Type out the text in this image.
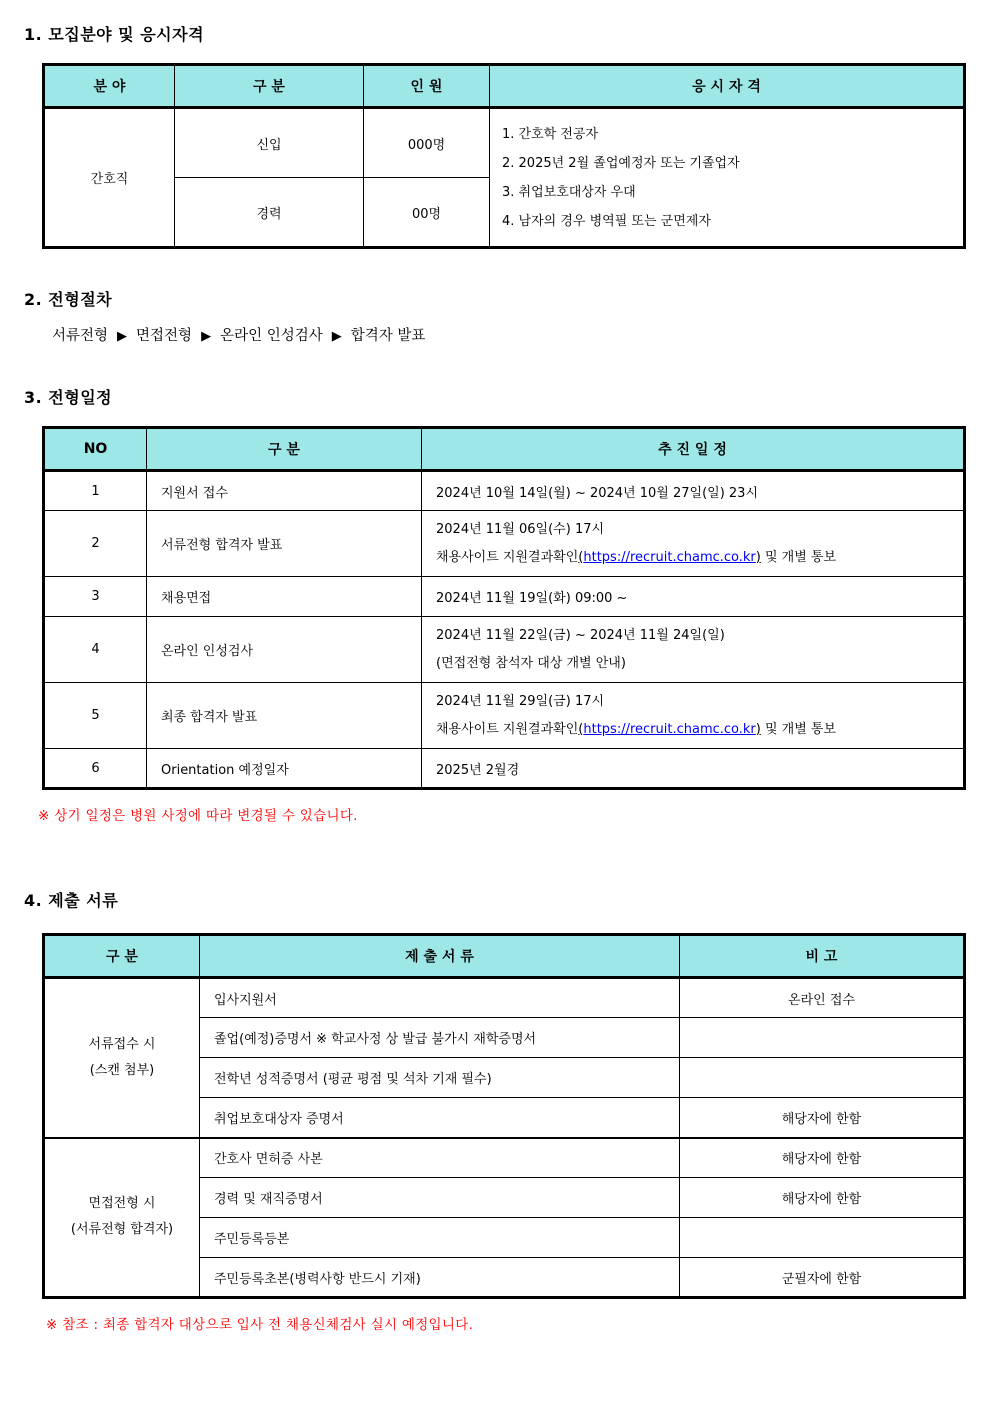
1. 모집분야 및 응시자격
분 야	구 분	인 원	응 시 자 격
간호직	신입	000명	1. 간호학 전공자
2. 2025년 2월 졸업예정자 또는 기졸업자
3. 취업보호대상자 우대
4. 남자의 경우 병역필 또는 군면제자

	경력	00명	
2. 전형절차
서류전형 ▶ 면접전형 ▶ 온라인 인성검사 ▶ 합격자 발표
3. 전형일정
NO	구 분	추 진 일 정
1	지원서 접수	2024년 10월 14일(월) ~ 2024년 10월 27일(일) 23시
2	서류전형 합격자 발표	2024년 11월 06일(수) 17시
채용사이트 지원결과확인(https://recruit.chamc.co.kr) 및 개별 통보

3	채용면접	2024년 11월 19일(화) 09:00 ~
4	온라인 인성검사	2024년 11월 22일(금) ~ 2024년 11월 24일(일)
(면접전형 참석자 대상 개별 안내)

5	최종 합격자 발표	2024년 11월 29일(금) 17시
채용사이트 지원결과확인(https://recruit.chamc.co.kr) 및 개별 통보

6	Orientation 예정일자	2025년 2월경
※ 상기 일정은 병원 사정에 따라 변경될 수 있습니다.
4. 제출 서류
구 분	제 출 서 류	비 고

서류접수 시
(스캔 첨부)	입사지원서	온라인 접수
	졸업(예정)증명서 ※ 학교사정 상 발급 불가시 재학증명서	
	전학년 성적증명서 (평균 평점 및 석차 기재 필수)	
	취업보호대상자 증명서	해당자에 한함

면접전형 시
(서류전형 합격자)	간호사 면허증 사본	해당자에 한함
	경력 및 재직증명서	해당자에 한함
	주민등록등본	
	주민등록초본(병력사항 반드시 기재)	군필자에 한함
※ 참조 : 최종 합격자 대상으로 입사 전 채용신체검사 실시 예정입니다.
